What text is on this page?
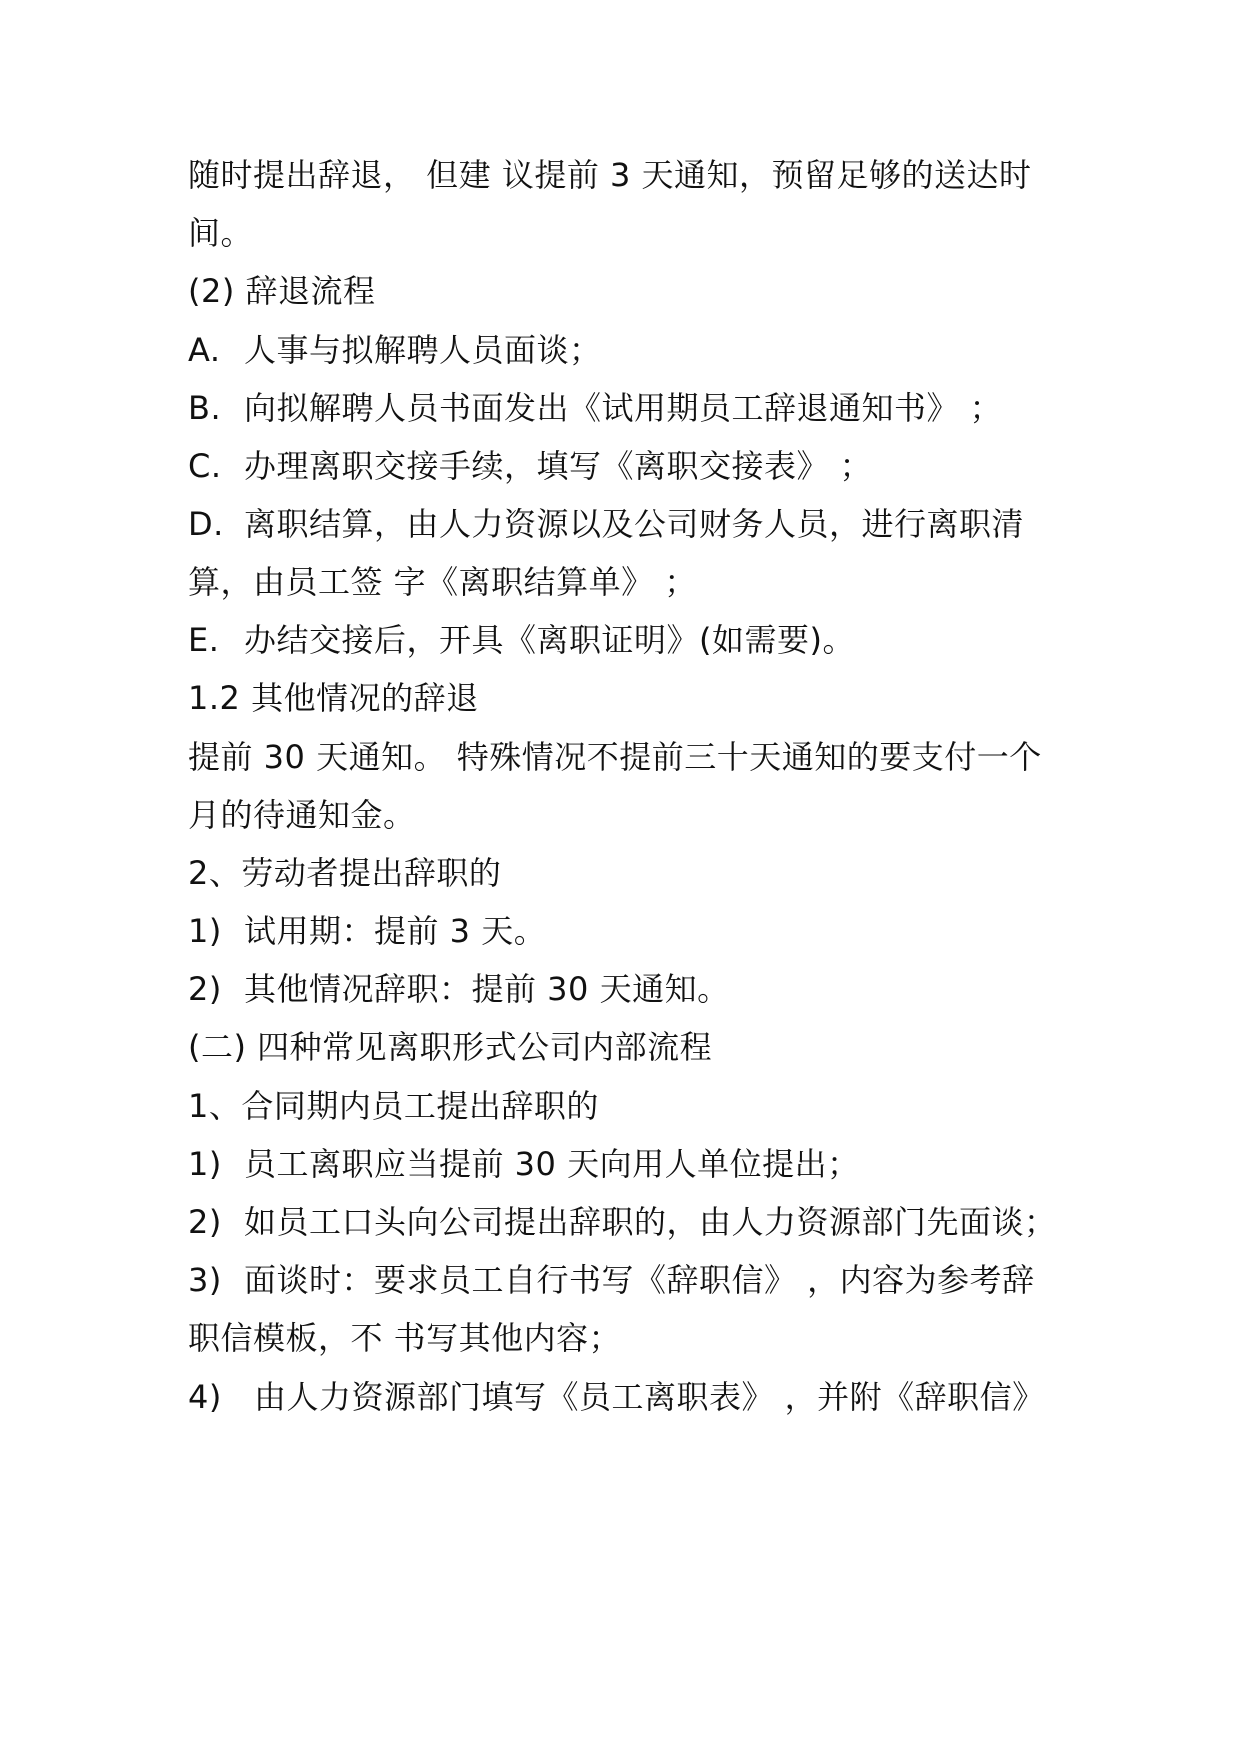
随时提出辞退， 但建 议提前 3 天通知，预留足够的送达时
间。
(2) 辞退流程
A. 人事与拟解聘人员面谈；
B. 向拟解聘人员书面发出《试用期员工辞退通知书》 ；
C. 办理离职交接手续，填写《离职交接表》 ；
D. 离职结算，由人力资源以及公司财务人员，进行离职清
算，由员工签 字《离职结算单》 ；
E. 办结交接后，开具《离职证明》(如需要)。
1.2 其他情况的辞退
提前 30 天通知。 特殊情况不提前三十天通知的要支付一个
月的待通知金。
2、劳动者提出辞职的
1) 试用期：提前 3 天。
2) 其他情况辞职：提前 30 天通知。
(二) 四种常见离职形式公司内部流程
1、合同期内员工提出辞职的
1) 员工离职应当提前 30 天向用人单位提出；
2) 如员工口头向公司提出辞职的，由人力资源部门先面谈；
3) 面谈时：要求员工自行书写《辞职信》 ，内容为参考辞
职信模板，不 书写其他内容；
4) 由人力资源部门填写《员工离职表》 ，并附《辞职信》
